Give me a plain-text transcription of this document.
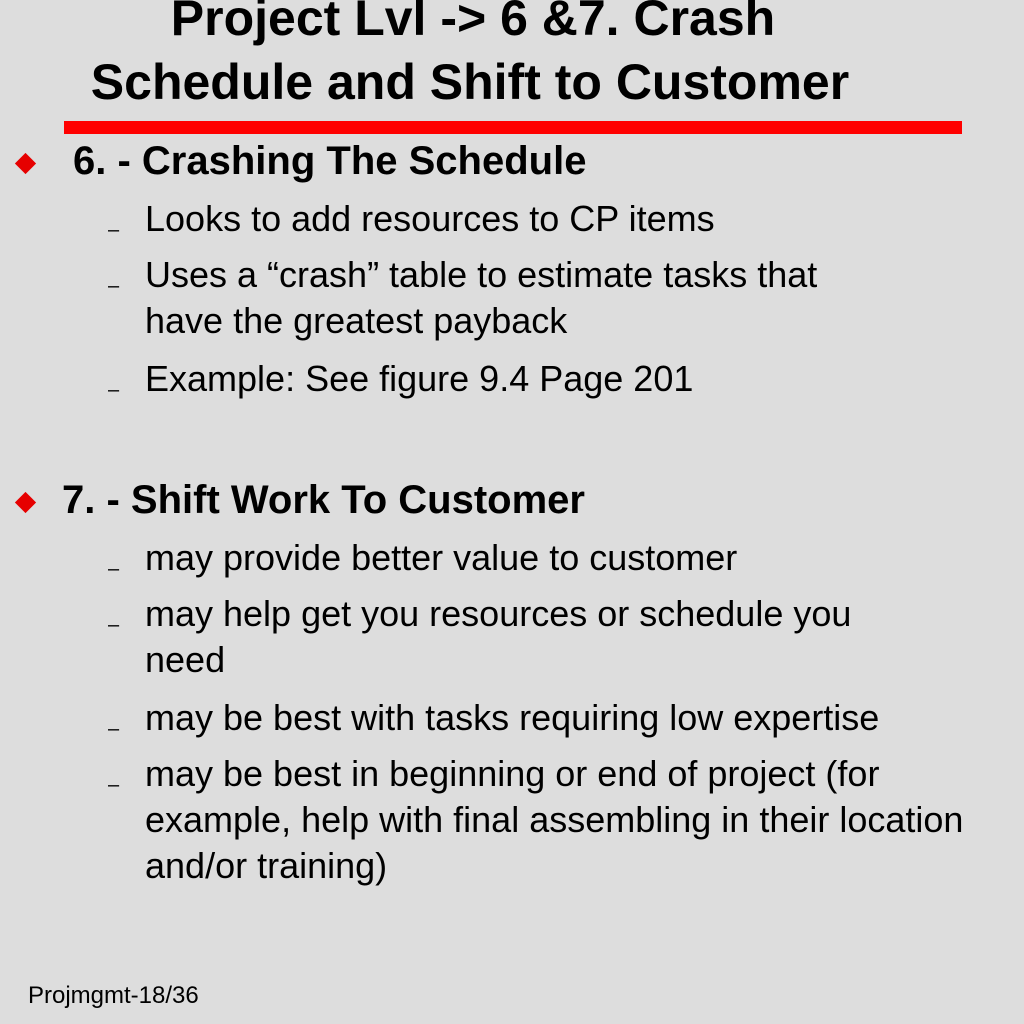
Project Lvl -> 6 &7. Crash
Schedule and Shift to Customer
6. - Crashing The Schedule
– Looks to add resources to CP items
– Uses a “crash” table to estimate tasks that have the greatest payback
– Example: See figure 9.4 Page 201
7. - Shift Work To Customer
– may provide better value to customer
– may help get you resources or schedule you need
– may be best with tasks requiring low expertise
– may be best in beginning or end of project (for example, help with final assembling in their location and/or training)
Projmgmt-18/36
